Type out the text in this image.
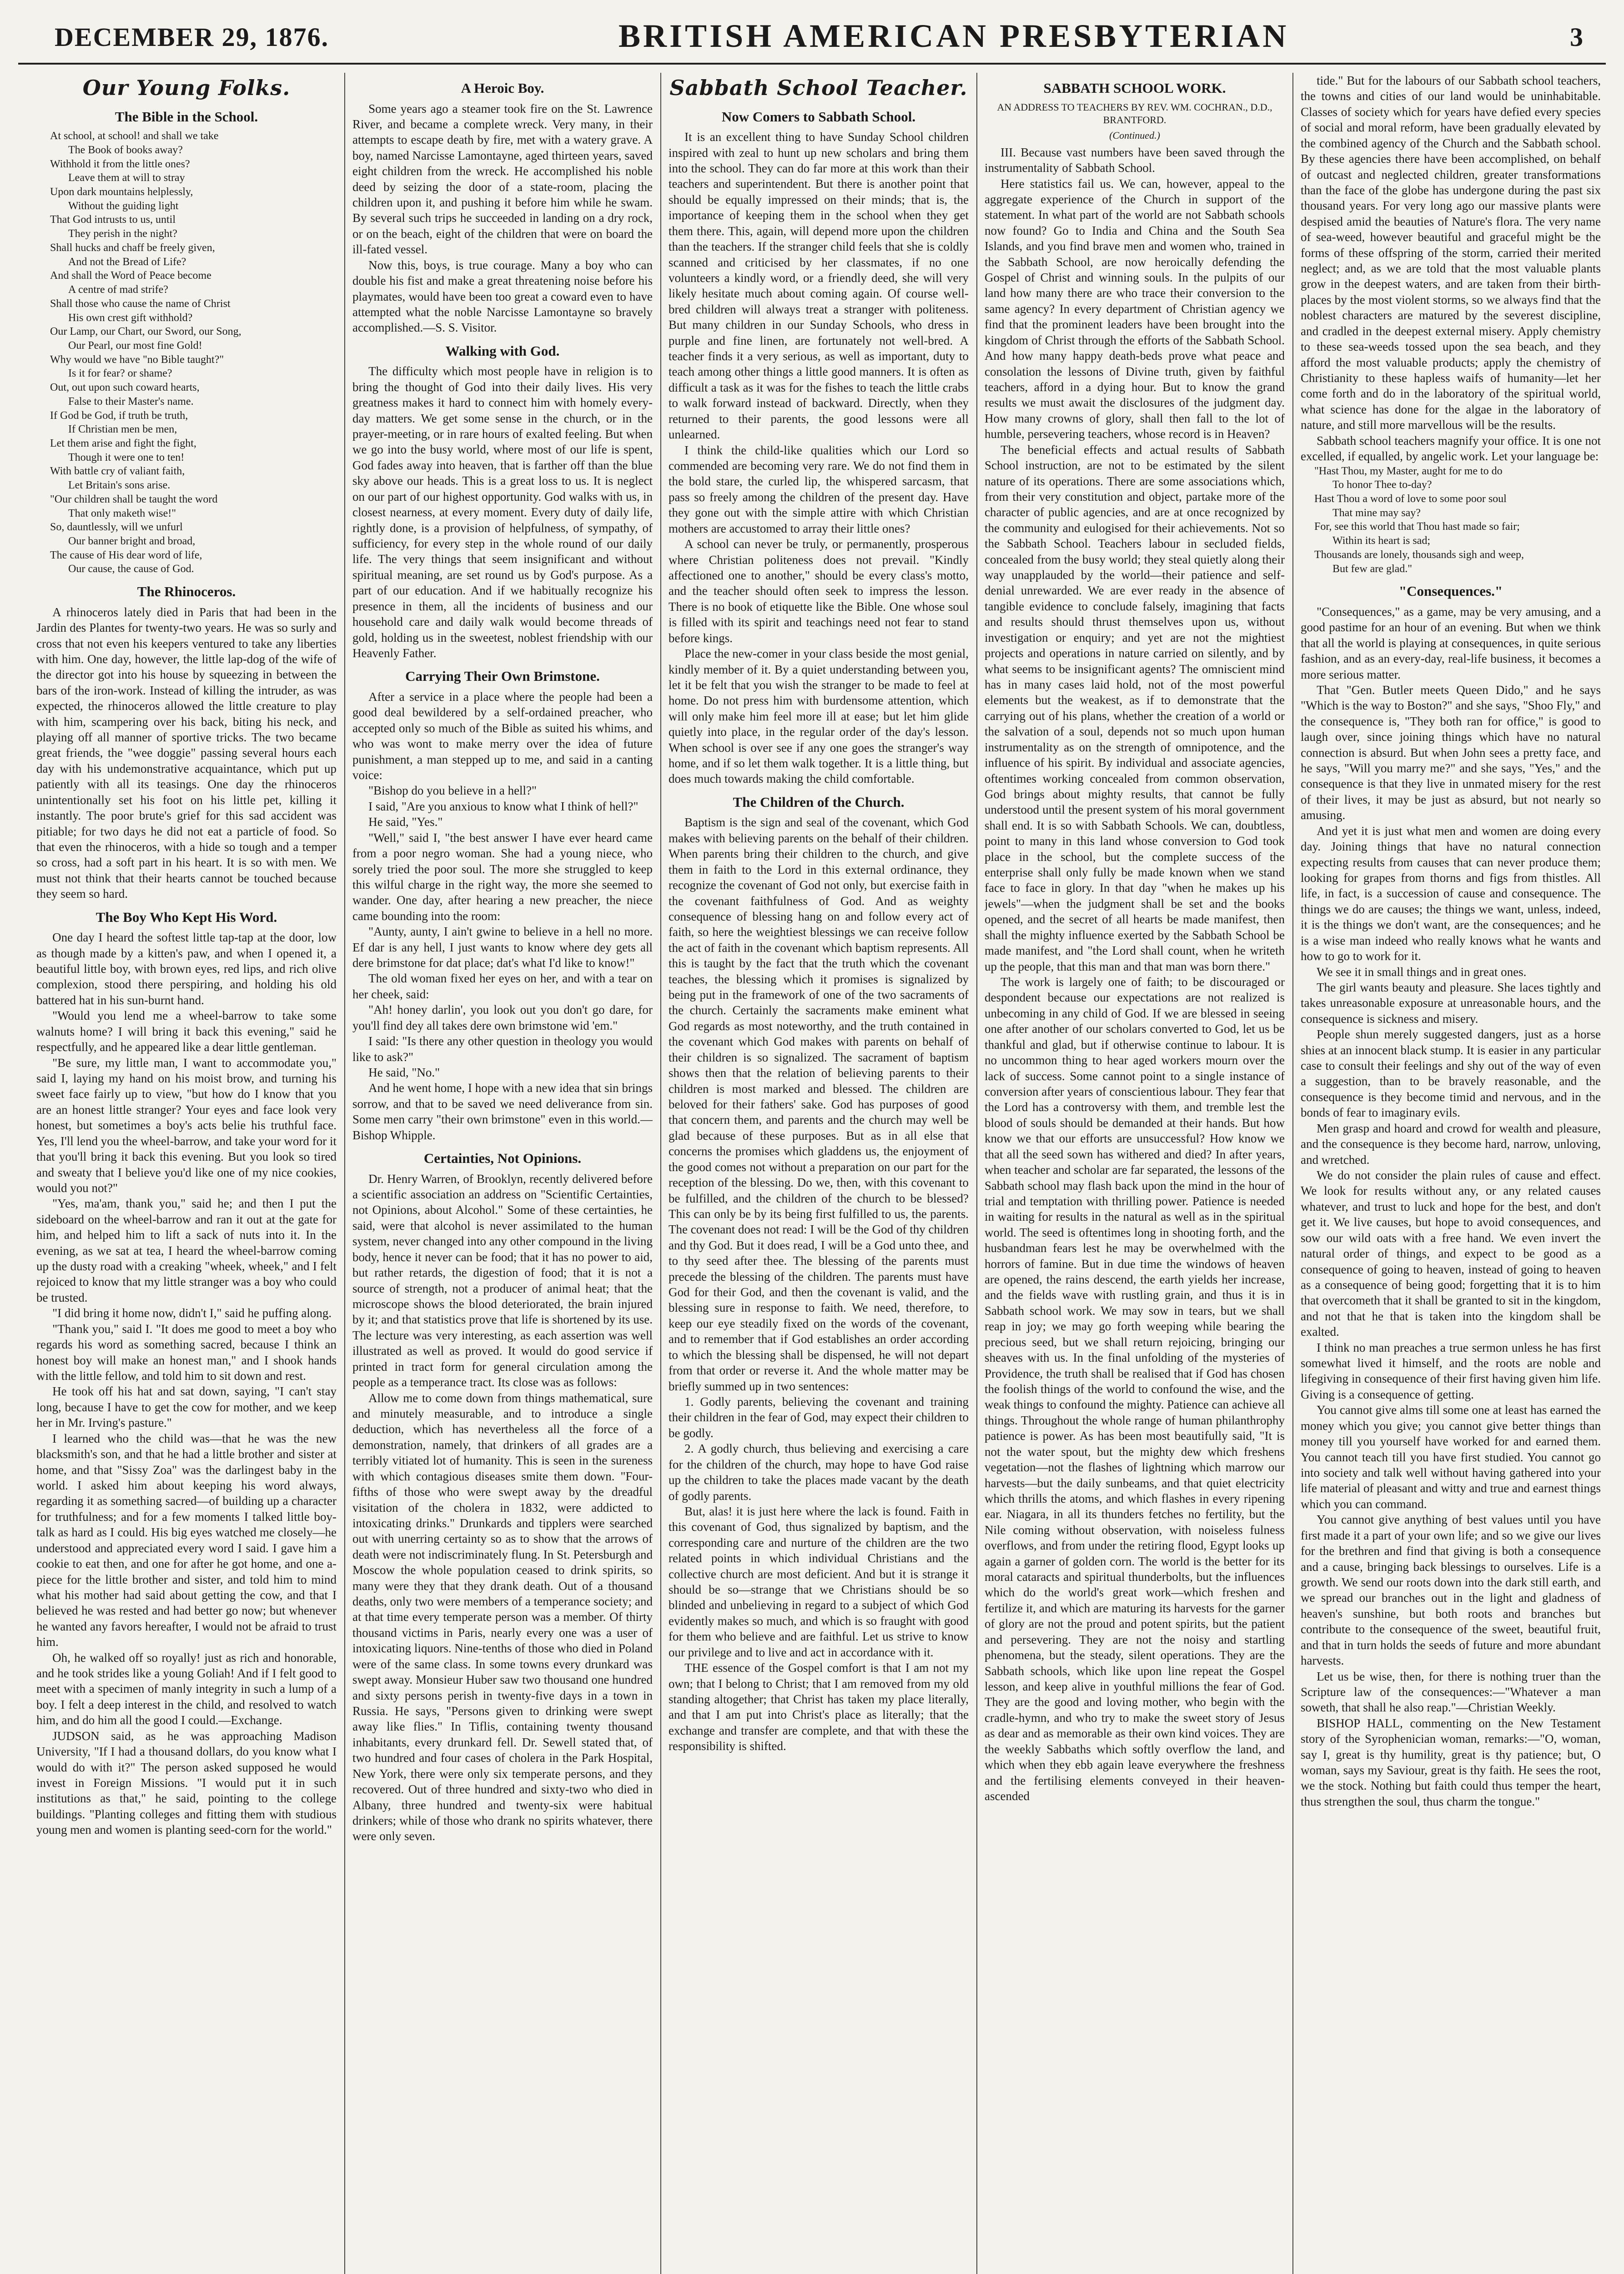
DECEMBER 29, 1876.	BRITISH AMERICAN PRESBYTERIAN	3
Our Young Folks.
The Bible in the School.

At school, at school! and shall we take

The Book of books away?

Withhold it from the little ones?

Leave them at will to stray

Upon dark mountains helplessly,

Without the guiding light

That God intrusts to us, until

They perish in the night?

Shall hucks and chaff be freely given,

And not the Bread of Life?

And shall the Word of Peace become

A centre of mad strife?

Shall those who cause the name of Christ

His own crest gift withhold?

Our Lamp, our Chart, our Sword, our Song,

Our Pearl, our most fine Gold!

Why would we have "no Bible taught?"

Is it for fear? or shame?

Out, out upon such coward hearts,

False to their Master's name.

If God be God, if truth be truth,

If Christian men be men,

Let them arise and fight the fight,

Though it were one to ten!

With battle cry of valiant faith,

Let Britain's sons arise.

"Our children shall be taught the word

That only maketh wise!"

So, dauntlessly, will we unfurl

Our banner bright and broad,

The cause of His dear word of life,

Our cause, the cause of God.

The Rhinoceros.

A rhinoceros lately died in Paris that had been in the Jardin des Plantes for twenty-two years. He was so surly and cross that not even his keepers ventured to take any liberties with him. One day, however, the little lap-dog of the wife of the director got into his house by squeezing in between the bars of the iron-work. Instead of killing the intruder, as was expected, the rhinoceros allowed the little creature to play with him, scampering over his back, biting his neck, and playing off all manner of sportive tricks. The two became great friends, the "wee doggie" passing several hours each day with his undemonstrative acquaintance, which put up patiently with all its teasings. One day the rhinoceros unintentionally set his foot on his little pet, killing it instantly. The poor brute's grief for this sad accident was pitiable; for two days he did not eat a particle of food. So that even the rhinoceros, with a hide so tough and a temper so cross, had a soft part in his heart. It is so with men. We must not think that their hearts cannot be touched because they seem so hard.

The Boy Who Kept His Word.

One day I heard the softest little tap-tap at the door, low as though made by a kitten's paw, and when I opened it, a beautiful little boy, with brown eyes, red lips, and rich olive complexion, stood there perspiring, and holding his old battered hat in his sun-burnt hand.

"Would you lend me a wheel-barrow to take some walnuts home? I will bring it back this evening," said he respectfully, and he appeared like a dear little gentleman.

"Be sure, my little man, I want to accommodate you," said I, laying my hand on his moist brow, and turning his sweet face fairly up to view, "but how do I know that you are an honest little stranger? Your eyes and face look very honest, but sometimes a boy's acts belie his truthful face. Yes, I'll lend you the wheel-barrow, and take your word for it that you'll bring it back this evening. But you look so tired and sweaty that I believe you'd like one of my nice cookies, would you not?"

"Yes, ma'am, thank you," said he; and then I put the sideboard on the wheel-barrow and ran it out at the gate for him, and helped him to lift a sack of nuts into it. In the evening, as we sat at tea, I heard the wheel-barrow coming up the dusty road with a creaking "wheek, wheek," and I felt rejoiced to know that my little stranger was a boy who could be trusted.

"I did bring it home now, didn't I," said he puffing along.

"Thank you," said I. "It does me good to meet a boy who regards his word as something sacred, because I think an honest boy will make an honest man," and I shook hands with the little fellow, and told him to sit down and rest.

He took off his hat and sat down, saying, "I can't stay long, because I have to get the cow for mother, and we keep her in Mr. Irving's pasture."

I learned who the child was—that he was the new blacksmith's son, and that he had a little brother and sister at home, and that "Sissy Zoa" was the darlingest baby in the world. I asked him about keeping his word always, regarding it as something sacred—of building up a character for truthfulness; and for a few moments I talked little boy-talk as hard as I could. His big eyes watched me closely—he understood and appreciated every word I said. I gave him a cookie to eat then, and one for after he got home, and one a-piece for the little brother and sister, and told him to mind what his mother had said about getting the cow, and that I believed he was rested and had better go now; but whenever he wanted any favors hereafter, I would not be afraid to trust him.

Oh, he walked off so royally! just as rich and honorable, and he took strides like a young Goliah! And if I felt good to meet with a specimen of manly integrity in such a lump of a boy. I felt a deep interest in the child, and resolved to watch him, and do him all the good I could.—Exchange.

JUDSON said, as he was approaching Madison University, "If I had a thousand dollars, do you know what I would do with it?" The person asked supposed he would invest in Foreign Missions. "I would put it in such institutions as that," he said, pointing to the college buildings. "Planting colleges and fitting them with studious young men and women is planting seed-corn for the world."

A Heroic Boy.

Some years ago a steamer took fire on the St. Lawrence River, and became a complete wreck. Very many, in their attempts to escape death by fire, met with a watery grave. A boy, named Narcisse Lamontayne, aged thirteen years, saved eight children from the wreck. He accomplished his noble deed by seizing the door of a state-room, placing the children upon it, and pushing it before him while he swam. By several such trips he succeeded in landing on a dry rock, or on the beach, eight of the children that were on board the ill-fated vessel.

Now this, boys, is true courage. Many a boy who can double his fist and make a great threatening noise before his playmates, would have been too great a coward even to have attempted what the noble Narcisse Lamontayne so bravely accomplished.—S. S. Visitor.

Walking with God.

The difficulty which most people have in religion is to bring the thought of God into their daily lives. His very greatness makes it hard to connect him with homely every-day matters. We get some sense in the church, or in the prayer-meeting, or in rare hours of exalted feeling. But when we go into the busy world, where most of our life is spent, God fades away into heaven, that is farther off than the blue sky above our heads. This is a great loss to us. It is neglect on our part of our highest opportunity. God walks with us, in closest nearness, at every moment. Every duty of daily life, rightly done, is a provision of helpfulness, of sympathy, of sufficiency, for every step in the whole round of our daily life. The very things that seem insignificant and without spiritual meaning, are set round us by God's purpose. As a part of our education. And if we habitually recognize his presence in them, all the incidents of business and our household care and daily walk would become threads of gold, holding us in the sweetest, noblest friendship with our Heavenly Father.

Carrying Their Own Brimstone.

After a service in a place where the people had been a good deal bewildered by a self-ordained preacher, who accepted only so much of the Bible as suited his whims, and who was wont to make merry over the idea of future punishment, a man stepped up to me, and said in a canting voice:

"Bishop do you believe in a hell?"

I said, "Are you anxious to know what I think of hell?"

He said, "Yes."

"Well," said I, "the best answer I have ever heard came from a poor negro woman. She had a young niece, who sorely tried the poor soul. The more she struggled to keep this wilful charge in the right way, the more she seemed to wander. One day, after hearing a new preacher, the niece came bounding into the room:

"Aunty, aunty, I ain't gwine to believe in a hell no more. Ef dar is any hell, I just wants to know where dey gets all dere brimstone for dat place; dat's what I'd like to know!"

The old woman fixed her eyes on her, and with a tear on her cheek, said:

"Ah! honey darlin', you look out you don't go dare, for you'll find dey all takes dere own brimstone wid 'em."

I said: "Is there any other question in theology you would like to ask?"

He said, "No."

And he went home, I hope with a new idea that sin brings sorrow, and that to be saved we need deliverance from sin. Some men carry "their own brimstone" even in this world.—Bishop Whipple.

Certainties, Not Opinions.

Dr. Henry Warren, of Brooklyn, recently delivered before a scientific association an address on "Scientific Certainties, not Opinions, about Alcohol." Some of these certainties, he said, were that alcohol is never assimilated to the human system, never changed into any other compound in the living body, hence it never can be food; that it has no power to aid, but rather retards, the digestion of food; that it is not a source of strength, not a producer of animal heat; that the microscope shows the blood deteriorated, the brain injured by it; and that statistics prove that life is shortened by its use. The lecture was very interesting, as each assertion was well illustrated as well as proved. It would do good service if printed in tract form for general circulation among the people as a temperance tract. Its close was as follows:

Allow me to come down from things mathematical, sure and minutely measurable, and to introduce a single deduction, which has nevertheless all the force of a demonstration, namely, that drinkers of all grades are a terribly vitiated lot of humanity. This is seen in the sureness with which contagious diseases smite them down. "Four-fifths of those who were swept away by the dreadful visitation of the cholera in 1832, were addicted to intoxicating drinks." Drunkards and tipplers were searched out with unerring certainty so as to show that the arrows of death were not indiscriminately flung. In St. Petersburgh and Moscow the whole population ceased to drink spirits, so many were they that they drank death. Out of a thousand deaths, only two were members of a temperance society; and at that time every temperate person was a member. Of thirty thousand victims in Paris, nearly every one was a user of intoxicating liquors. Nine-tenths of those who died in Poland were of the same class. In some towns every drunkard was swept away. Monsieur Huber saw two thousand one hundred and sixty persons perish in twenty-five days in a town in Russia. He says, "Persons given to drinking were swept away like flies." In Tiflis, containing twenty thousand inhabitants, every drunkard fell. Dr. Sewell stated that, of two hundred and four cases of cholera in the Park Hospital, New York, there were only six temperate persons, and they recovered. Out of three hundred and sixty-two who died in Albany, three hundred and twenty-six were habitual drinkers; while of those who drank no spirits whatever, there were only seven.

Sabbath School Teacher.
Now Comers to Sabbath School.

It is an excellent thing to have Sunday School children inspired with zeal to hunt up new scholars and bring them into the school. They can do far more at this work than their teachers and superintendent. But there is another point that should be equally impressed on their minds; that is, the importance of keeping them in the school when they get them there. This, again, will depend more upon the children than the teachers. If the stranger child feels that she is coldly scanned and criticised by her classmates, if no one volunteers a kindly word, or a friendly deed, she will very likely hesitate much about coming again. Of course well-bred children will always treat a stranger with politeness. But many children in our Sunday Schools, who dress in purple and fine linen, are fortunately not well-bred. A teacher finds it a very serious, as well as important, duty to teach among other things a little good manners. It is often as difficult a task as it was for the fishes to teach the little crabs to walk forward instead of backward. Directly, when they returned to their parents, the good lessons were all unlearned.

I think the child-like qualities which our Lord so commended are becoming very rare. We do not find them in the bold stare, the curled lip, the whispered sarcasm, that pass so freely among the children of the present day. Have they gone out with the simple attire with which Christian mothers are accustomed to array their little ones?

A school can never be truly, or permanently, prosperous where Christian politeness does not prevail. "Kindly affectioned one to another," should be every class's motto, and the teacher should often seek to impress the lesson. There is no book of etiquette like the Bible. One whose soul is filled with its spirit and teachings need not fear to stand before kings.

Place the new-comer in your class beside the most genial, kindly member of it. By a quiet understanding between you, let it be felt that you wish the stranger to be made to feel at home. Do not press him with burdensome attention, which will only make him feel more ill at ease; but let him glide quietly into place, in the regular order of the day's lesson. When school is over see if any one goes the stranger's way home, and if so let them walk together. It is a little thing, but does much towards making the child comfortable.

The Children of the Church.

Baptism is the sign and seal of the covenant, which God makes with believing parents on the behalf of their children. When parents bring their children to the church, and give them in faith to the Lord in this external ordinance, they recognize the covenant of God not only, but exercise faith in the covenant faithfulness of God. And as weighty consequence of blessing hang on and follow every act of faith, so here the weightiest blessings we can receive follow the act of faith in the covenant which baptism represents. All this is taught by the fact that the truth which the covenant teaches, the blessing which it promises is signalized by being put in the framework of one of the two sacraments of the church. Certainly the sacraments make eminent what God regards as most noteworthy, and the truth contained in the covenant which God makes with parents on behalf of their children is so signalized. The sacrament of baptism shows then that the relation of believing parents to their children is most marked and blessed. The children are beloved for their fathers' sake. God has purposes of good that concern them, and parents and the church may well be glad because of these purposes. But as in all else that concerns the promises which gladdens us, the enjoyment of the good comes not without a preparation on our part for the reception of the blessing. Do we, then, with this covenant to be fulfilled, and the children of the church to be blessed? This can only be by its being first fulfilled to us, the parents. The covenant does not read: I will be the God of thy children and thy God. But it does read, I will be a God unto thee, and to thy seed after thee. The blessing of the parents must precede the blessing of the children. The parents must have God for their God, and then the covenant is valid, and the blessing sure in response to faith. We need, therefore, to keep our eye steadily fixed on the words of the covenant, and to remember that if God establishes an order according to which the blessing shall be dispensed, he will not depart from that order or reverse it. And the whole matter may be briefly summed up in two sentences:

1. Godly parents, believing the covenant and training their children in the fear of God, may expect their children to be godly.

2. A godly church, thus believing and exercising a care for the children of the church, may hope to have God raise up the children to take the places made vacant by the death of godly parents.

But, alas! it is just here where the lack is found. Faith in this covenant of God, thus signalized by baptism, and the corresponding care and nurture of the children are the two related points in which individual Christians and the collective church are most deficient. And but it is strange it should be so—strange that we Christians should be so blinded and unbelieving in regard to a subject of which God evidently makes so much, and which is so fraught with good for them who believe and are faithful. Let us strive to know our privilege and to live and act in accordance with it.

THE essence of the Gospel comfort is that I am not my own; that I belong to Christ; that I am removed from my old standing altogether; that Christ has taken my place literally, and that I am put into Christ's place as literally; that the exchange and transfer are complete, and that with these the responsibility is shifted.

SABBATH SCHOOL WORK.
AN ADDRESS TO TEACHERS BY REV. WM. COCHRAN., D.D., BRANTFORD.
(Continued.)

III. Because vast numbers have been saved through the instrumentality of Sabbath School.

Here statistics fail us. We can, however, appeal to the aggregate experience of the Church in support of the statement. In what part of the world are not Sabbath schools now found? Go to India and China and the South Sea Islands, and you find brave men and women who, trained in the Sabbath School, are now heroically defending the Gospel of Christ and winning souls. In the pulpits of our land how many there are who trace their conversion to the same agency? In every department of Christian agency we find that the prominent leaders have been brought into the kingdom of Christ through the efforts of the Sabbath School. And how many happy death-beds prove what peace and consolation the lessons of Divine truth, given by faithful teachers, afford in a dying hour. But to know the grand results we must await the disclosures of the judgment day. How many crowns of glory, shall then fall to the lot of humble, persevering teachers, whose record is in Heaven?

The beneficial effects and actual results of Sabbath School instruction, are not to be estimated by the silent nature of its operations. There are some associations which, from their very constitution and object, partake more of the character of public agencies, and are at once recognized by the community and eulogised for their achievements. Not so the Sabbath School. Teachers labour in secluded fields, concealed from the busy world; they steal quietly along their way unapplauded by the world—their patience and self-denial unrewarded. We are ever ready in the absence of tangible evidence to conclude falsely, imagining that facts and results should thrust themselves upon us, without investigation or enquiry; and yet are not the mightiest projects and operations in nature carried on silently, and by what seems to be insignificant agents? The omniscient mind has in many cases laid hold, not of the most powerful elements but the weakest, as if to demonstrate that the carrying out of his plans, whether the creation of a world or the salvation of a soul, depends not so much upon human instrumentality as on the strength of omnipotence, and the influence of his spirit. By individual and associate agencies, oftentimes working concealed from common observation, God brings about mighty results, that cannot be fully understood until the present system of his moral government shall end. It is so with Sabbath Schools. We can, doubtless, point to many in this land whose conversion to God took place in the school, but the complete success of the enterprise shall only fully be made known when we stand face to face in glory. In that day "when he makes up his jewels"—when the judgment shall be set and the books opened, and the secret of all hearts be made manifest, then shall the mighty influence exerted by the Sabbath School be made manifest, and "the Lord shall count, when he writeth up the people, that this man and that man was born there."

The work is largely one of faith; to be discouraged or despondent because our expectations are not realized is unbecoming in any child of God. If we are blessed in seeing one after another of our scholars converted to God, let us be thankful and glad, but if otherwise continue to labour. It is no uncommon thing to hear aged workers mourn over the lack of success. Some cannot point to a single instance of conversion after years of conscientious labour. They fear that the Lord has a controversy with them, and tremble lest the blood of souls should be demanded at their hands. But how know we that our efforts are unsuccessful? How know we that all the seed sown has withered and died? In after years, when teacher and scholar are far separated, the lessons of the Sabbath school may flash back upon the mind in the hour of trial and temptation with thrilling power. Patience is needed in waiting for results in the natural as well as in the spiritual world. The seed is oftentimes long in shooting forth, and the husbandman fears lest he may be overwhelmed with the horrors of famine. But in due time the windows of heaven are opened, the rains descend, the earth yields her increase, and the fields wave with rustling grain, and thus it is in Sabbath school work. We may sow in tears, but we shall reap in joy; we may go forth weeping while bearing the precious seed, but we shall return rejoicing, bringing our sheaves with us. In the final unfolding of the mysteries of Providence, the truth shall be realised that if God has chosen the foolish things of the world to confound the wise, and the weak things to confound the mighty. Patience can achieve all things. Throughout the whole range of human philanthrophy patience is power. As has been most beautifully said, "It is not the water spout, but the mighty dew which freshens vegetation—not the flashes of lightning which marrow our harvests—but the daily sunbeams, and that quiet electricity which thrills the atoms, and which flashes in every ripening ear. Niagara, in all its thunders fetches no fertility, but the Nile coming without observation, with noiseless fulness overflows, and from under the retiring flood, Egypt looks up again a garner of golden corn. The world is the better for its moral cataracts and spiritual thunderbolts, but the influences which do the world's great work—which freshen and fertilize it, and which are maturing its harvests for the garner of glory are not the proud and potent spirits, but the patient and persevering. They are not the noisy and startling phenomena, but the steady, silent operations. They are the Sabbath schools, which like upon line repeat the Gospel lesson, and keep alive in youthful millions the fear of God. They are the good and loving mother, who begin with the cradle-hymn, and who try to make the sweet story of Jesus as dear and as memorable as their own kind voices. They are the weekly Sabbaths which softly overflow the land, and which when they ebb again leave everywhere the freshness and the fertilising elements conveyed in their heaven-ascended

tide." But for the labours of our Sabbath school teachers, the towns and cities of our land would be uninhabitable. Classes of society which for years have defied every species of social and moral reform, have been gradually elevated by the combined agency of the Church and the Sabbath school. By these agencies there have been accomplished, on behalf of outcast and neglected children, greater transformations than the face of the globe has undergone during the past six thousand years. For very long ago our massive plants were despised amid the beauties of Nature's flora. The very name of sea-weed, however beautiful and graceful might be the forms of these offspring of the storm, carried their merited neglect; and, as we are told that the most valuable plants grow in the deepest waters, and are taken from their birth-places by the most violent storms, so we always find that the noblest characters are matured by the severest discipline, and cradled in the deepest external misery. Apply chemistry to these sea-weeds tossed upon the sea beach, and they afford the most valuable products; apply the chemistry of Christianity to these hapless waifs of humanity—let her come forth and do in the laboratory of the spiritual world, what science has done for the algae in the laboratory of nature, and still more marvellous will be the results.

Sabbath school teachers magnify your office. It is one not excelled, if equalled, by angelic work. Let your language be:

"Hast Thou, my Master, aught for me to do

To honor Thee to-day?

Hast Thou a word of love to some poor soul

That mine may say?

For, see this world that Thou hast made so fair;

Within its heart is sad;

Thousands are lonely, thousands sigh and weep,

But few are glad."

"Consequences."

"Consequences," as a game, may be very amusing, and a good pastime for an hour of an evening. But when we think that all the world is playing at consequences, in quite serious fashion, and as an every-day, real-life business, it becomes a more serious matter.

That "Gen. Butler meets Queen Dido," and he says "Which is the way to Boston?" and she says, "Shoo Fly," and the consequence is, "They both ran for office," is good to laugh over, since joining things which have no natural connection is absurd. But when John sees a pretty face, and he says, "Will you marry me?" and she says, "Yes," and the consequence is that they live in unmated misery for the rest of their lives, it may be just as absurd, but not nearly so amusing.

And yet it is just what men and women are doing every day. Joining things that have no natural connection expecting results from causes that can never produce them; looking for grapes from thorns and figs from thistles. All life, in fact, is a succession of cause and consequence. The things we do are causes; the things we want, unless, indeed, it is the things we don't want, are the consequences; and he is a wise man indeed who really knows what he wants and how to go to work for it.

We see it in small things and in great ones.

The girl wants beauty and pleasure. She laces tightly and takes unreasonable exposure at unreasonable hours, and the consequence is sickness and misery.

People shun merely suggested dangers, just as a horse shies at an innocent black stump. It is easier in any particular case to consult their feelings and shy out of the way of even a suggestion, than to be bravely reasonable, and the consequence is they become timid and nervous, and in the bonds of fear to imaginary evils.

Men grasp and hoard and crowd for wealth and pleasure, and the consequence is they become hard, narrow, unloving, and wretched.

We do not consider the plain rules of cause and effect. We look for results without any, or any related causes whatever, and trust to luck and hope for the best, and don't get it. We live causes, but hope to avoid consequences, and sow our wild oats with a free hand. We even invert the natural order of things, and expect to be good as a consequence of going to heaven, instead of going to heaven as a consequence of being good; forgetting that it is to him that overcometh that it shall be granted to sit in the kingdom, and not that he that is taken into the kingdom shall be exalted.

I think no man preaches a true sermon unless he has first somewhat lived it himself, and the roots are noble and lifegiving in consequence of their first having given him life. Giving is a consequence of getting.

You cannot give alms till some one at least has earned the money which you give; you cannot give better things than money till you yourself have worked for and earned them. You cannot teach till you have first studied. You cannot go into society and talk well without having gathered into your life material of pleasant and witty and true and earnest things which you can command.

You cannot give anything of best values until you have first made it a part of your own life; and so we give our lives for the brethren and find that giving is both a consequence and a cause, bringing back blessings to ourselves. Life is a growth. We send our roots down into the dark still earth, and we spread our branches out in the light and gladness of heaven's sunshine, but both roots and branches but contribute to the consequence of the sweet, beautiful fruit, and that in turn holds the seeds of future and more abundant harvests.

Let us be wise, then, for there is nothing truer than the Scripture law of the consequences:—"Whatever a man soweth, that shall he also reap."—Christian Weekly.

BISHOP HALL, commenting on the New Testament story of the Syrophenician woman, remarks:—"O, woman, say I, great is thy humility, great is thy patience; but, O woman, says my Saviour, great is thy faith. He sees the root, we the stock. Nothing but faith could thus temper the heart, thus strengthen the soul, thus charm the tongue."
